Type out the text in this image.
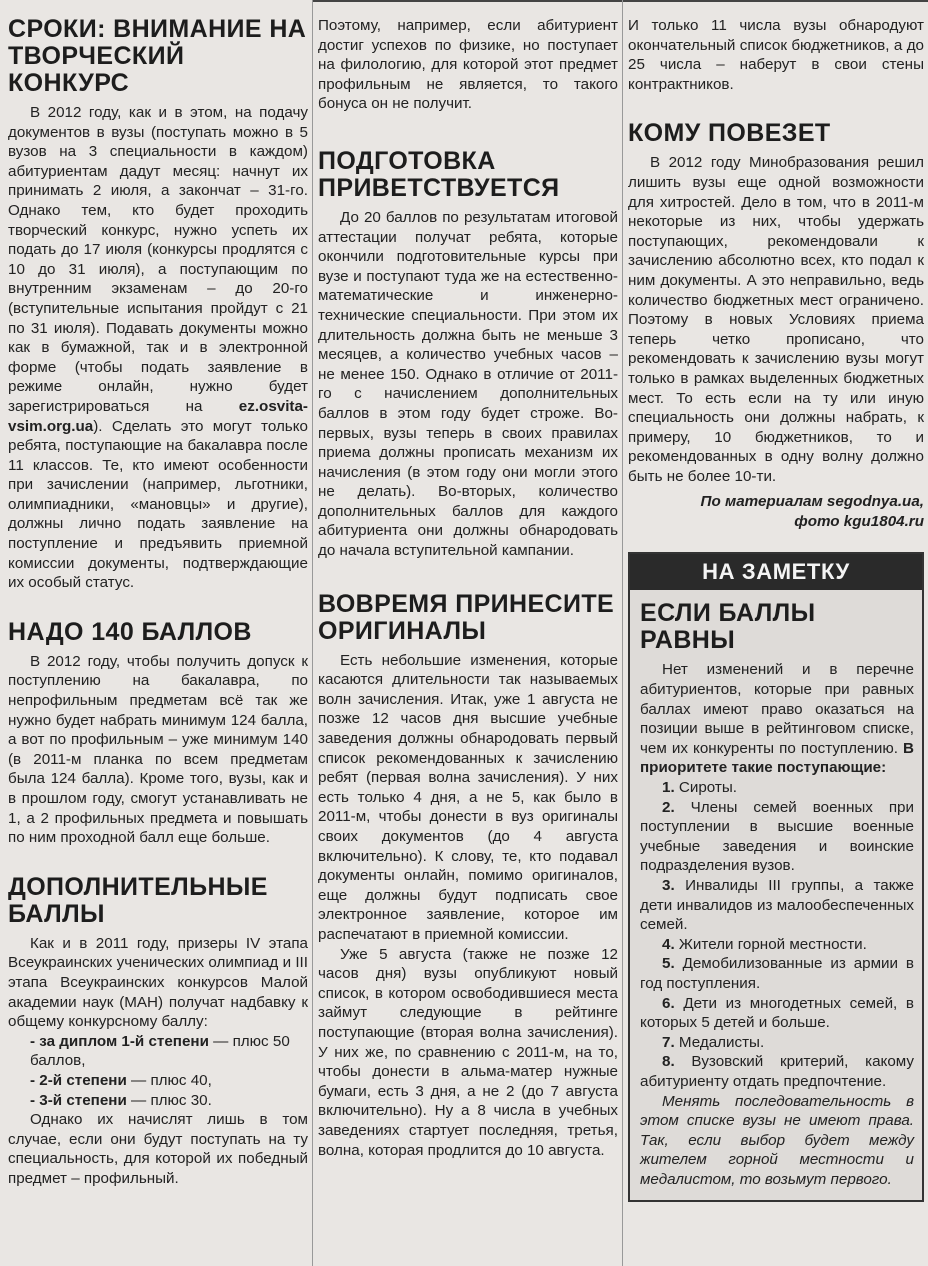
СРОКИ: ВНИМАНИЕ НА ТВОРЧЕСКИЙ КОНКУРС

В 2012 году, как и в этом, на подачу документов в вузы (поступать можно в 5 вузов на 3 специальности в каждом) абитуриентам дадут месяц: начнут их принимать 2 июля, а закончат – 31-го. Однако тем, кто будет проходить творческий конкурс, нужно успеть их подать до 17 июля (конкурсы продлятся с 10 до 31 июля), а поступающим по внутренним экзаменам – до 20-го (вступительные испытания пройдут с 21 по 31 июля). Подавать документы можно как в бумажной, так и в электронной форме (чтобы подать заявление в режиме онлайн, нужно будет зарегистрироваться на ez.osvita-vsim.org.ua). Сделать это могут только ребята, поступающие на бакалавра после 11 классов. Те, кто имеют особенности при зачислении (например, льготники, олимпиадники, «мановцы» и другие), должны лично подать заявление на поступление и предъявить приемной комиссии документы, подтверждающие их особый статус.

НАДО 140 БАЛЛОВ

В 2012 году, чтобы получить допуск к поступлению на бакалавра, по непрофильным предметам всё так же нужно будет набрать минимум 124 балла, а вот по профильным – уже минимум 140 (в 2011-м планка по всем предметам была 124 балла). Кроме того, вузы, как и в прошлом году, смогут устанавливать не 1, а 2 профильных предмета и повышать по ним проходной балл еще больше.

ДОПОЛНИТЕЛЬНЫЕ БАЛЛЫ

Как и в 2011 году, призеры IV этапа Всеукраинских ученических олимпиад и III этапа Всеукраинских конкурсов Малой академии наук (МАН) получат надбавку к общему конкурсному баллу:

- за диплом 1-й степени — плюс 50 баллов,

- 2-й степени — плюс 40,

- 3-й степени — плюс 30.

Однако их начислят лишь в том случае, если они будут поступать на ту специальность, для которой их победный предмет – профильный.

Поэтому, например, если абитуриент достиг успехов по физике, но поступает на филологию, для которой этот предмет профильным не является, то такого бонуса он не получит.

ПОДГОТОВКА ПРИВЕТСТВУЕТСЯ

До 20 баллов по результатам итоговой аттестации получат ребята, которые окончили подготовительные курсы при вузе и поступают туда же на естественно-математические и инженерно-технические специальности. При этом их длительность должна быть не меньше 3 месяцев, а количество учебных часов – не менее 150. Однако в отличие от 2011-го с начислением дополнительных баллов в этом году будет строже. Во-первых, вузы теперь в своих правилах приема должны прописать механизм их начисления (в этом году они могли этого не делать). Во-вторых, количество дополнительных баллов для каждого абитуриента они должны обнародовать до начала вступительной кампании.

ВОВРЕМЯ ПРИНЕСИТЕ ОРИГИНАЛЫ

Есть небольшие изменения, которые касаются длительности так называемых волн зачисления. Итак, уже 1 августа не позже 12 часов дня высшие учебные заведения должны обнародовать первый список рекомендованных к зачислению ребят (первая волна зачисления). У них есть только 4 дня, а не 5, как было в 2011-м, чтобы донести в вуз оригиналы своих документов (до 4 августа включительно). К слову, те, кто подавал документы онлайн, помимо оригиналов, еще должны будут подписать свое электронное заявление, которое им распечатают в приемной комиссии.

Уже 5 августа (также не позже 12 часов дня) вузы опубликуют новый список, в котором освободившиеся места займут следующие в рейтинге поступающие (вторая волна зачисления). У них же, по сравнению с 2011-м, на то, чтобы донести в альма-матер нужные бумаги, есть 3 дня, а не 2 (до 7 августа включительно). Ну а 8 числа в учебных заведениях стартует последняя, третья, волна, которая продлится до 10 августа.

И только 11 числа вузы обнародуют окончательный список бюджетников, а до 25 числа – наберут в свои стены контрактников.

КОМУ ПОВЕЗЕТ

В 2012 году Минобразования решил лишить вузы еще одной возможности для хитростей. Дело в том, что в 2011-м некоторые из них, чтобы удержать поступающих, рекомендовали к зачислению абсолютно всех, кто подал к ним документы. А это неправильно, ведь количество бюджетных мест ограничено. Поэтому в новых Условиях приема теперь четко прописано, что рекомендовать к зачислению вузы могут только в рамках выделенных бюджетных мест. То есть если на ту или иную специальность они должны набрать, к примеру, 10 бюджетников, то и рекомендованных в одну волну должно быть не более 10-ти.

По материалам segodnya.ua,

фото kgu1804.ru

НА ЗАМЕТКУ
ЕСЛИ БАЛЛЫ РАВНЫ

Нет изменений и в перечне абитуриентов, которые при равных баллах имеют право оказаться на позиции выше в рейтинговом списке, чем их конкуренты по поступлению. В приоритете такие поступающие:

1. Сироты.

2. Члены семей военных при поступлении в высшие военные учебные заведения и воинские подразделения вузов.

3. Инвалиды III группы, а также дети инвалидов из малообеспеченных семей.

4. Жители горной местности.

5. Демобилизованные из армии в год поступления.

6. Дети из многодетных семей, в которых 5 детей и больше.

7. Медалисты.

8. Вузовский критерий, какому абитуриенту отдать предпочтение.

Менять последовательность в этом списке вузы не имеют права. Так, если выбор будет между жителем горной местности и медалистом, то возьмут первого.
